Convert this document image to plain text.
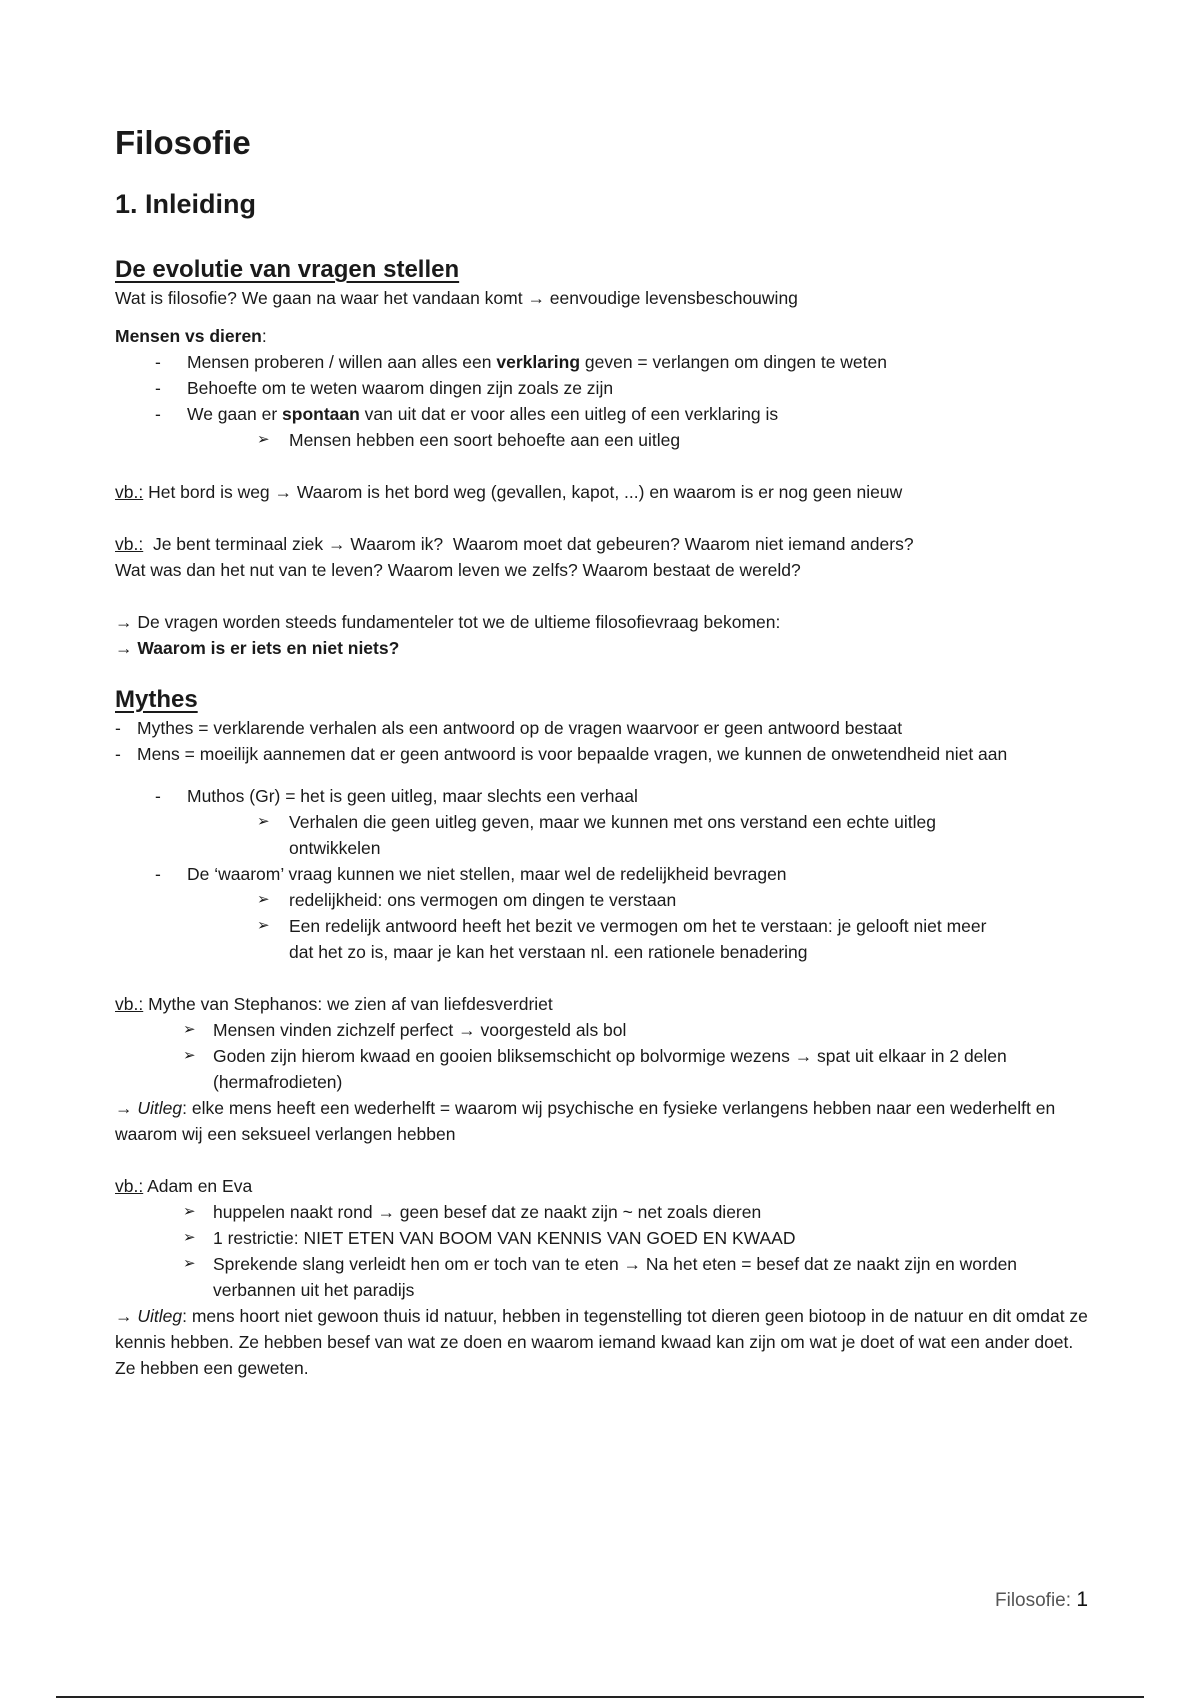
Filosofie
1. Inleiding
De evolutie van vragen stellen

Wat is filosofie? We gaan na waar het vandaan komt → eenvoudige levensbeschouwing

Mensen vs dieren:

-	Mensen proberen / willen aan alles een verklaring geven = verlangen om dingen te weten
-	Behoefte om te weten waarom dingen zijn zoals ze zijn
-	We gaan er spontaan van uit dat er voor alles een uitleg of een verklaring is
➢	Mensen hebben een soort behoefte aan een uitleg

vb.: Het bord is weg → Waarom is het bord weg (gevallen, kapot, ...) en waarom is er nog geen nieuw

vb.:  Je bent terminaal ziek → Waarom ik?  Waarom moet dat gebeuren? Waarom niet iemand anders?

Wat was dan het nut van te leven? Waarom leven we zelfs? Waarom bestaat de wereld?

→ De vragen worden steeds fundamenteler tot we de ultieme filosofievraag bekomen:

→ Waarom is er iets en niet niets?

Mythes
- Mythes = verklarende verhalen als een antwoord op de vragen waarvoor er geen antwoord bestaat
- Mens = moeilijk aannemen dat er geen antwoord is voor bepaalde vragen, we kunnen de onwetendheid niet aan
-	Muthos (Gr) = het is geen uitleg, maar slechts een verhaal
➢	Verhalen die geen uitleg geven, maar we kunnen met ons verstand een echte uitleg ontwikkelen
-	De ‘waarom’ vraag kunnen we niet stellen, maar wel de redelijkheid bevragen
➢	redelijkheid: ons vermogen om dingen te verstaan
➢	Een redelijk antwoord heeft het bezit ve vermogen om het te verstaan: je gelooft niet meer dat het zo is, maar je kan het verstaan nl. een rationele benadering

vb.: Mythe van Stephanos: we zien af van liefdesverdriet

➢ Mensen vinden zichzelf perfect → voorgesteld als bol
➢ Goden zijn hierom kwaad en gooien bliksemschicht op bolvormige wezens → spat uit elkaar in 2 delen (hermafrodieten)

→ Uitleg: elke mens heeft een wederhelft = waarom wij psychische en fysieke verlangens hebben naar een wederhelft en waarom wij een seksueel verlangen hebben

vb.: Adam en Eva

➢ huppelen naakt rond → geen besef dat ze naakt zijn ~ net zoals dieren
➢ 1 restrictie: NIET ETEN VAN BOOM VAN KENNIS VAN GOED EN KWAAD
➢ Sprekende slang verleidt hen om er toch van te eten → Na het eten = besef dat ze naakt zijn en worden verbannen uit het paradijs

→ Uitleg: mens hoort niet gewoon thuis id natuur, hebben in tegenstelling tot dieren geen biotoop in de natuur en dit omdat ze kennis hebben. Ze hebben besef van wat ze doen en waarom iemand kwaad kan zijn om wat je doet of wat een ander doet. Ze hebben een geweten.

Filosofie: 1
